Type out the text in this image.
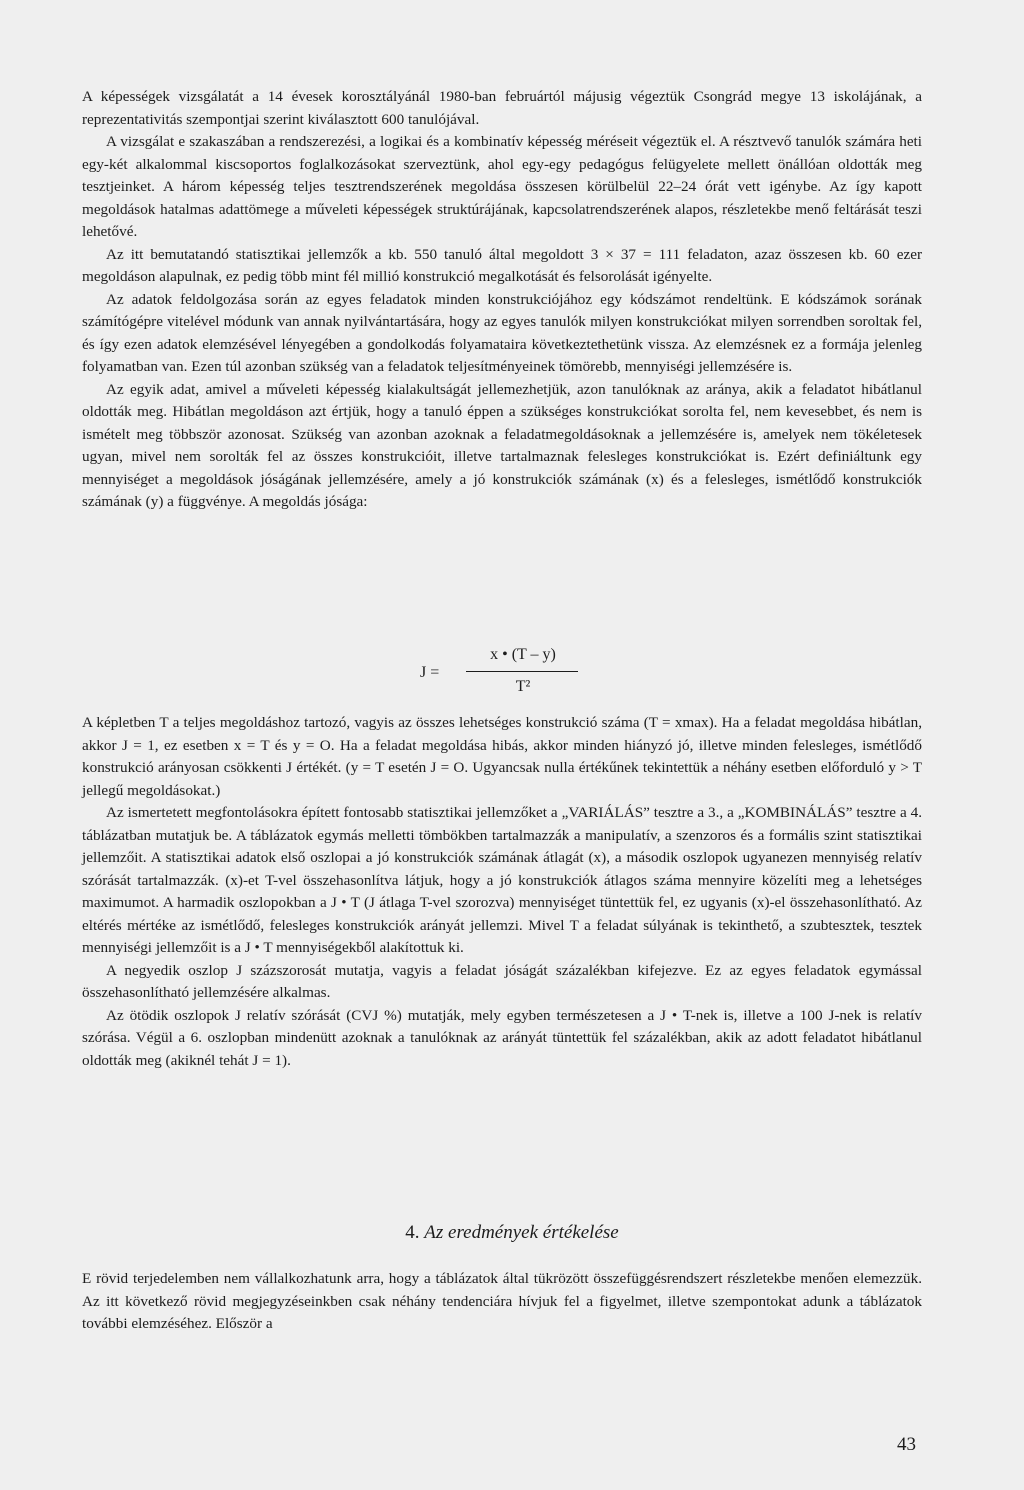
A képességek vizsgálatát a 14 évesek korosztályánál 1980-ban februártól májusig végeztük Csongrád megye 13 iskolájának, a reprezentativitás szempontjai szerint kiválasztott 600 tanulójával.

A vizsgálat e szakaszában a rendszerezési, a logikai és a kombinatív képesség méréseit végeztük el. A résztvevő tanulók számára heti egy-két alkalommal kiscsoportos foglalkozásokat szerveztünk, ahol egy-egy pedagógus felügyelete mellett önállóan oldották meg tesztjeinket. A három képesség teljes tesztrendszerének megoldása összesen körülbelül 22–24 órát vett igénybe. Az így kapott megoldások hatalmas adattömege a műveleti képességek struktúrájának, kapcsolatrendszerének alapos, részletekbe menő feltárását teszi lehetővé.

Az itt bemutatandó statisztikai jellemzők a kb. 550 tanuló által megoldott 3 × 37 = 111 feladaton, azaz összesen kb. 60 ezer megoldáson alapulnak, ez pedig több mint fél millió konstrukció megalkotását és felsorolását igényelte.

Az adatok feldolgozása során az egyes feladatok minden konstrukciójához egy kódszámot rendeltünk. E kódszámok sorának számítógépre vitelével módunk van annak nyilvántartására, hogy az egyes tanulók milyen konstrukciókat milyen sorrendben soroltak fel, és így ezen adatok elemzésével lényegében a gondolkodás folyamataira következtethetünk vissza. Az elemzésnek ez a formája jelenleg folyamatban van. Ezen túl azonban szükség van a feladatok teljesítményeinek tömörebb, mennyiségi jellemzésére is.

Az egyik adat, amivel a műveleti képesség kialakultságát jellemezhetjük, azon tanulóknak az aránya, akik a feladatot hibátlanul oldották meg. Hibátlan megoldáson azt értjük, hogy a tanuló éppen a szükséges konstrukciókat sorolta fel, nem kevesebbet, és nem is ismételt meg többször azonosat. Szükség van azonban azoknak a feladatmegoldásoknak a jellemzésére is, amelyek nem tökéletesek ugyan, mivel nem sorolták fel az összes konstrukcióit, illetve tartalmaznak felesleges konstrukciókat is. Ezért definiáltunk egy mennyiséget a megoldások jóságának jellemzésére, amely a jó konstrukciók számának (x) és a felesleges, ismétlődő konstrukciók számának (y) a függvénye. A megoldás jósága:

J =
x • (T – y)
T²

A képletben T a teljes megoldáshoz tartozó, vagyis az összes lehetséges konstrukció száma (T = xmax). Ha a feladat megoldása hibátlan, akkor J = 1, ez esetben x = T és y = O. Ha a feladat megoldása hibás, akkor minden hiányzó jó, illetve minden felesleges, ismétlődő konstrukció arányosan csökkenti J értékét. (y = T esetén J = O. Ugyancsak nulla értékűnek tekintettük a néhány esetben előforduló y > T jellegű megoldásokat.)

Az ismertetett megfontolásokra épített fontosabb statisztikai jellemzőket a „VARIÁLÁS” tesztre a 3., a „KOMBINÁLÁS” tesztre a 4. táblázatban mutatjuk be. A táblázatok egymás melletti tömbökben tartalmazzák a manipulatív, a szenzoros és a formális szint statisztikai jellemzőit. A statisztikai adatok első oszlopai a jó konstrukciók számának átlagát (x), a második oszlopok ugyanezen mennyiség relatív szórását tartalmazzák. (x)-et T-vel összehasonlítva látjuk, hogy a jó konstrukciók átlagos száma mennyire közelíti meg a lehetséges maximumot. A harmadik oszlopokban a J • T (J átlaga T-vel szorozva) mennyiséget tüntettük fel, ez ugyanis (x)-el összehasonlítható. Az eltérés mértéke az ismétlődő, felesleges konstrukciók arányát jellemzi. Mivel T a feladat súlyának is tekinthető, a szubtesztek, tesztek mennyiségi jellemzőit is a J • T mennyiségekből alakítottuk ki.

A negyedik oszlop J százszorosát mutatja, vagyis a feladat jóságát százalékban kifejezve. Ez az egyes feladatok egymással összehasonlítható jellemzésére alkalmas.

Az ötödik oszlopok J relatív szórását (CVJ %) mutatják, mely egyben természetesen a J • T-nek is, illetve a 100 J-nek is relatív szórása. Végül a 6. oszlopban mindenütt azoknak a tanulóknak az arányát tüntettük fel százalékban, akik az adott feladatot hibátlanul oldották meg (akiknél tehát J = 1).

4. Az eredmények értékelése

E rövid terjedelemben nem vállalkozhatunk arra, hogy a táblázatok által tükrözött összefüggésrendszert részletekbe menően elemezzük. Az itt következő rövid megjegyzéseinkben csak néhány tendenciára hívjuk fel a figyelmet, illetve szempontokat adunk a táblázatok további elemzéséhez. Először a

43
